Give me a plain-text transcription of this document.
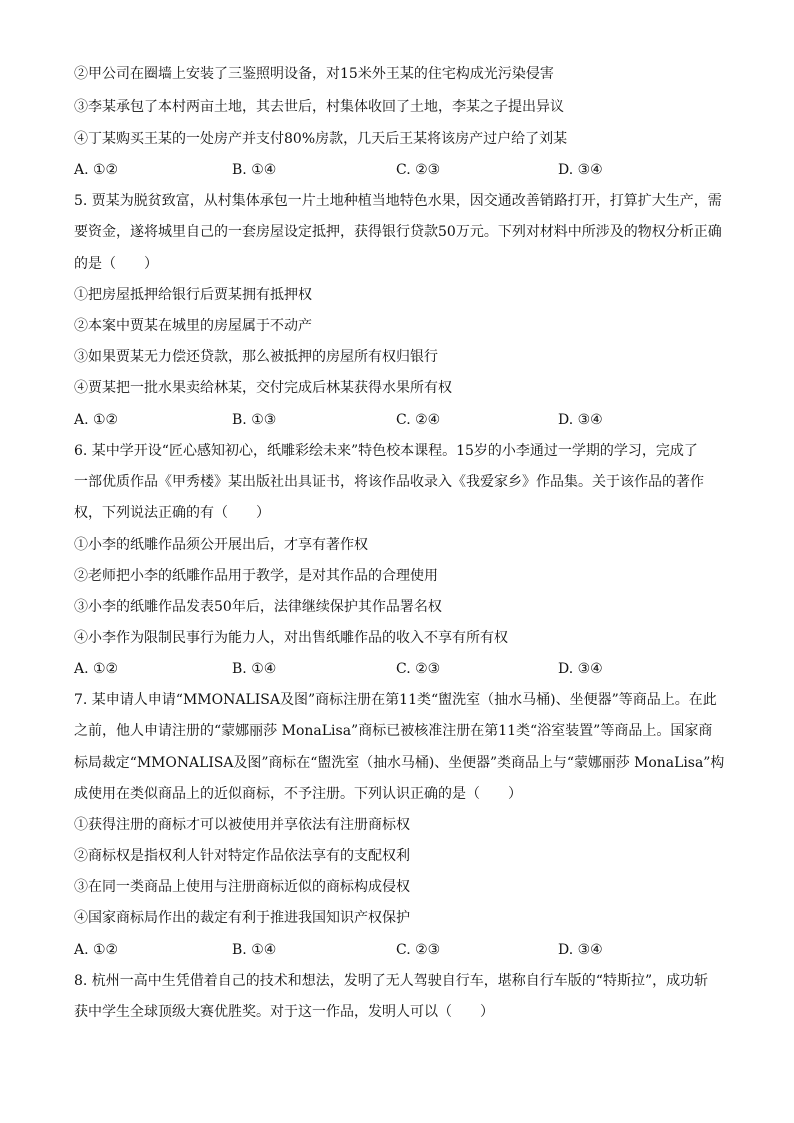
②甲公司在圈墙上安装了三鉴照明设备，对15米外王某的住宅构成光污染侵害
③李某承包了本村两亩土地，其去世后，村集体收回了土地，李某之子提出异议
④丁某购买王某的一处房产并支付80%房款，几天后王某将该房产过户给了刘某
A. ①②	B. ①④	C. ②③	D. ③④
5. 贾某为脱贫致富，从村集体承包一片土地种植当地特色水果，因交通改善销路打开，打算扩大生产，需
要资金，遂将城里自己的一套房屋设定抵押，获得银行贷款50万元。下列对材料中所涉及的物权分析正确
的是（　　）
①把房屋抵押给银行后贾某拥有抵押权
②本案中贾某在城里的房屋属于不动产
③如果贾某无力偿还贷款，那么被抵押的房屋所有权归银行
④贾某把一批水果卖给林某，交付完成后林某获得水果所有权
A. ①②	B. ①③	C. ②④	D. ③④
6. 某中学开设“匠心感知初心，纸雕彩绘未来”特色校本课程。15岁的小李通过一学期的学习，完成了
一部优质作品《甲秀楼》某出版社出具证书，将该作品收录入《我爱家乡》作品集。关于该作品的著作
权，下列说法正确的有（　　）
①小李的纸雕作品须公开展出后，才享有著作权
②老师把小李的纸雕作品用于教学，是对其作品的合理使用
③小李的纸雕作品发表50年后，法律继续保护其作品署名权
④小李作为限制民事行为能力人，对出售纸雕作品的收入不享有所有权
A. ①②	B. ①④	C. ②③	D. ③④
7. 某申请人申请“MMONALISA及图”商标注册在第11类“盥洗室（抽水马桶)、坐便器”等商品上。在此
之前，他人申请注册的“蒙娜丽莎 MonaLisa”商标已被核准注册在第11类“浴室装置”等商品上。国家商
标局裁定“MMONALISA及图”商标在“盥洗室（抽水马桶)、坐便器”类商品上与“蒙娜丽莎 MonaLisa”构
成使用在类似商品上的近似商标，不予注册。下列认识正确的是（　　）
①获得注册的商标才可以被使用并享依法有注册商标权
②商标权是指权利人针对特定作品依法享有的支配权利
③在同一类商品上使用与注册商标近似的商标构成侵权
④国家商标局作出的裁定有利于推进我国知识产权保护
A. ①②	B. ①④	C. ②③	D. ③④
8. 杭州一高中生凭借着自己的技术和想法，发明了无人驾驶自行车，堪称自行车版的“特斯拉”，成功斩
获中学生全球顶级大赛优胜奖。对于这一作品，发明人可以（　　）
